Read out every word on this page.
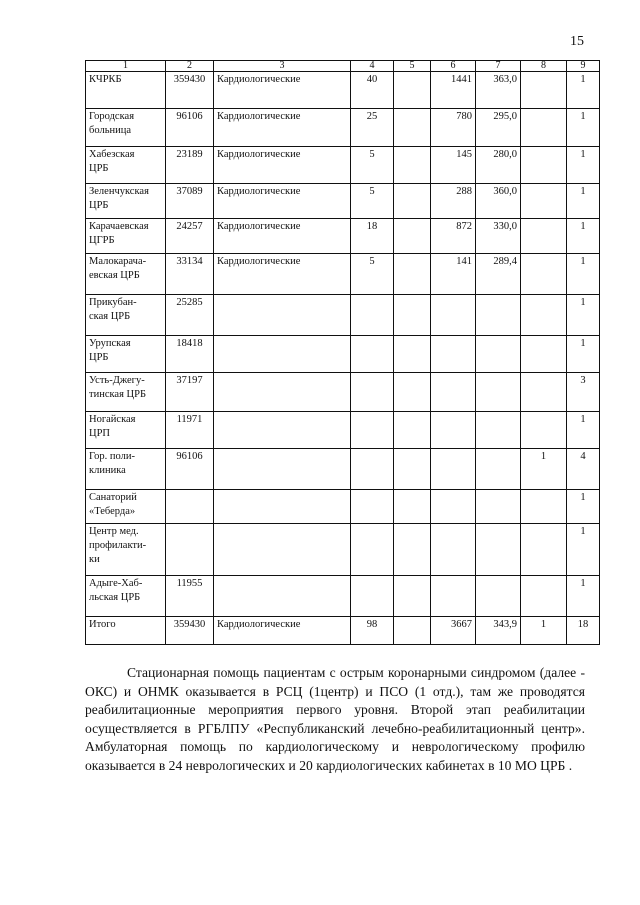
15
1	2	3	4	5	6	7	8	9
КЧРКБ	359430	Кардиологические	40		1441	363,0		1
Городская
больница	96106	Кардиологические	25		780	295,0		1
Хабезская
ЦРБ	23189	Кардиологические	5		145	280,0		1
Зеленчукская
ЦРБ	37089	Кардиологические	5		288	360,0		1
Карачаевская
ЦГРБ	24257	Кардиологические	18		872	330,0		1
Малокарача-
евская ЦРБ	33134	Кардиологические	5		141	289,4		1
Прикубан-
ская ЦРБ	25285							1
Урупская
ЦРБ	18418							1
Усть-Джегу-
тинская ЦРБ	37197							3
Ногайская
ЦРП	11971							1
Гор. поли-
клиника	96106						1	4
Санаторий
«Теберда»								1
Центр мед.
профилакти-
ки								1
Адыге-Хаб-
льская ЦРБ	11955							1
Итого	359430	Кардиологические	98		3667	343,9	1	18

Стационарная помощь пациентам с острым коронарными синдромом (далее - ОКС) и ОНМК оказывается в РСЦ (1центр) и ПСО (1 отд.), там же проводятся реабилитационные мероприятия первого уровня. Второй этап реабилитации осуществляется в РГБЛПУ «Республиканский лечебно-реабилитационный центр». Амбулаторная помощь по кардиологическому и неврологическому профилю оказывается в 24 неврологических и 20 кардиологических кабинетах в 10 МО ЦРБ .
